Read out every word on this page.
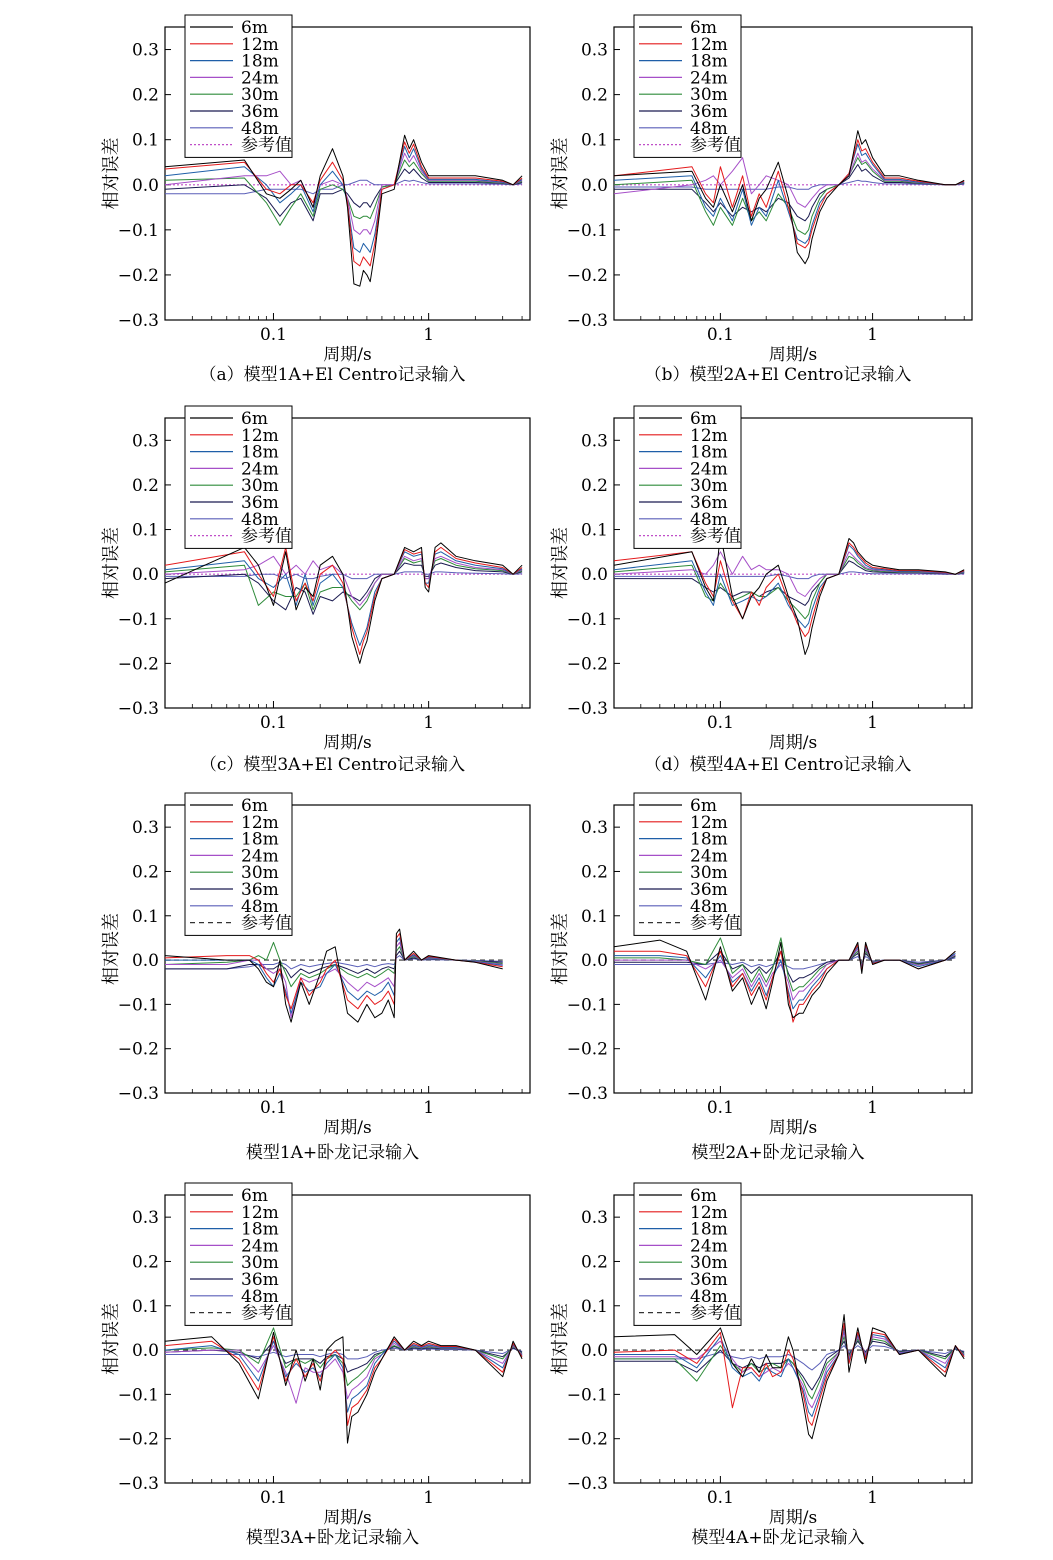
−0.3
−0.2
−0.1
0.0
0.1
0.2
0.3
0.1	1
周期/s
相对误差
6m
12m
18m
24m
30m
36m
48m
参考值
（a）模型1A+El Centro记录输入
−0.3
−0.2
−0.1
0.0
0.1
0.2
0.3
0.1	1
周期/s
相对误差
6m
12m
18m
24m
30m
36m
48m
参考值
（b）模型2A+El Centro记录输入
−0.3
−0.2
−0.1
0.0
0.1
0.2
0.3
0.1	1
周期/s
相对误差
6m
12m
18m
24m
30m
36m
48m
参考值
（c）模型3A+El Centro记录输入
−0.3
−0.2
−0.1
0.0
0.1
0.2
0.3
0.1	1
周期/s
相对误差
6m
12m
18m
24m
30m
36m
48m
参考值
（d）模型4A+El Centro记录输入
−0.3
−0.2
−0.1
0.0
0.1
0.2
0.3
0.1	1
周期/s
相对误差
6m
12m
18m
24m
30m
36m
48m
参考值
模型1A+卧龙记录输入
−0.3
−0.2
−0.1
0.0
0.1
0.2
0.3
0.1	1
周期/s
相对误差
6m
12m
18m
24m
30m
36m
48m
参考值
模型2A+卧龙记录输入
−0.3
−0.2
−0.1
0.0
0.1
0.2
0.3
0.1	1
周期/s
相对误差
6m
12m
18m
24m
30m
36m
48m
参考值
模型3A+卧龙记录输入
−0.3
−0.2
−0.1
0.0
0.1
0.2
0.3
0.1	1
周期/s
相对误差
6m
12m
18m
24m
30m
36m
48m
参考值
模型4A+卧龙记录输入
